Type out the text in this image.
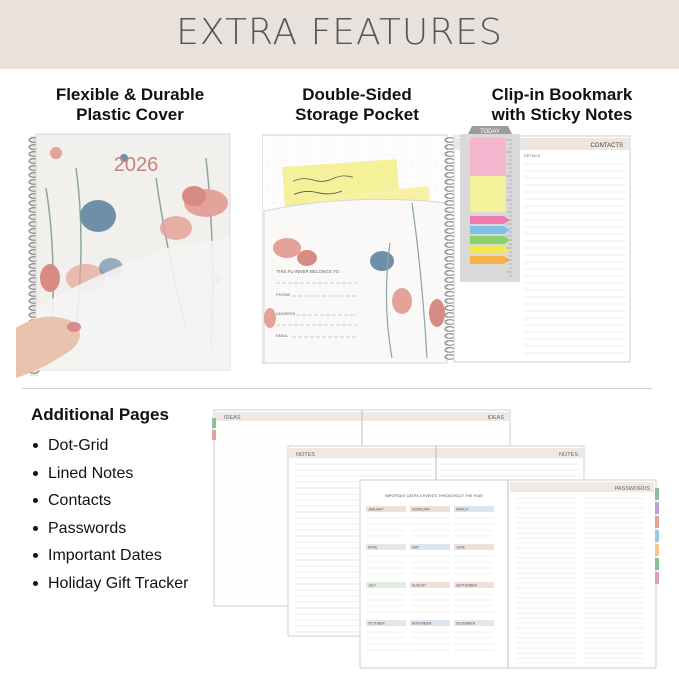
EXTRA FEATURES
Flexible & Durable
Plastic Cover
Double-Sided
Storage Pocket
Clip-in Bookmark
with Sticky Notes
2026
THIS PLANNER BELONGS TO
PHONE
ADDRESS
EMAIL
CONTACTS
DETAILS
TODAY
Additional Pages
Dot-Grid
Lined Notes
Contacts
Passwords
Important Dates
Holiday Gift Tracker
IDEAS	IDEAS
NOTES	NOTES
IMPORTANT DATES & EVENTS THROUGHOUT THE YEAR
JANUARY	FEBRUARY	MARCH
APRIL	MAY	JUNE
JULY	AUGUST	SEPTEMBER
OCTOBER	NOVEMBER	DECEMBER
PASSWORDS
